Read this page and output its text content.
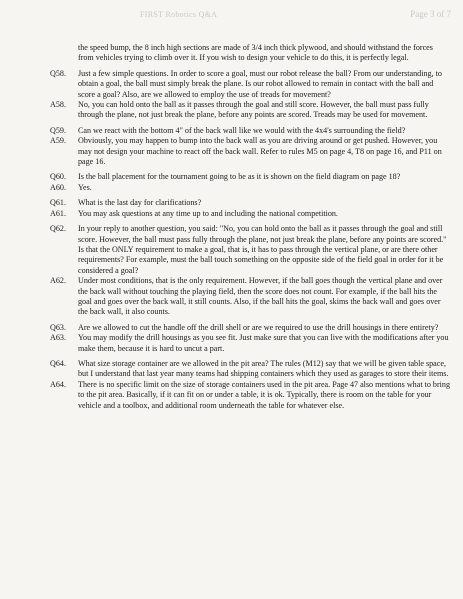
FIRST Robotics Q&A	Page 3 of 7
the speed bump, the 8 inch high sections are made of 3/4 inch thick plywood, and should withstand the forces from vehicles trying to climb over it. If you wish to design your vehicle to do this, it is perfectly legal.
Q58.	Just a few simple questions. In order to score a goal, must our robot release the ball? From our understanding, to obtain a goal, the ball must simply break the plane. Is our robot allowed to remain in contact with the ball and score a goal? Also, are we allowed to employ the use of treads for movement?
A58.	No, you can hold onto the ball as it passes through the goal and still score. However, the ball must pass fully through the plane, not just break the plane, before any points are scored. Treads may be used for movement.
Q59.	Can we react with the bottom 4" of the back wall like we would with the 4x4's surrounding the field?
A59.	Obviously, you may happen to bump into the back wall as you are driving around or get pushed. However, you may not design your machine to react off the back wall. Refer to rules M5 on page 4, T8 on page 16, and P11 on page 16.
Q60.	Is the ball placement for the tournament going to be as it is shown on the field diagram on page 18?
A60.	Yes.
Q61.	What is the last day for clarifications?
A61.	You may ask questions at any time up to and including the national competition.
Q62.	In your reply to another question, you said: "No, you can hold onto the ball as it passes through the goal and still score. However, the ball must pass fully through the plane, not just break the plane, before any points are scored." Is that the ONLY requirement to make a goal, that is, it has to pass through the vertical plane, or are there other requirements? For example, must the ball touch something on the opposite side of the field goal in order for it be considered a goal?
A62.	Under most conditions, that is the only requirement. However, if the ball goes though the vertical plane and over the back wall without touching the playing field, then the score does not count. For example, if the ball hits the goal and goes over the back wall, it still counts. Also, if the ball hits the goal, skims the back wall and goes over the back wall, it also counts.
Q63.	Are we allowed to cut the handle off the drill shell or are we required to use the drill housings in there entirety?
A63.	You may modify the drill housings as you see fit. Just make sure that you can live with the modifications after you make them, because it is hard to uncut a part.
Q64.	What size storage container are we allowed in the pit area? The rules (M12) say that we will be given table space, but I understand that last year many teams had shipping containers which they used as garages to store their items.
A64.	There is no specific limit on the size of storage containers used in the pit area. Page 47 also mentions what to bring to the pit area. Basically, if it can fit on or under a table, it is ok. Typically, there is room on the table for your vehicle and a toolbox, and additional room underneath the table for whatever else.
